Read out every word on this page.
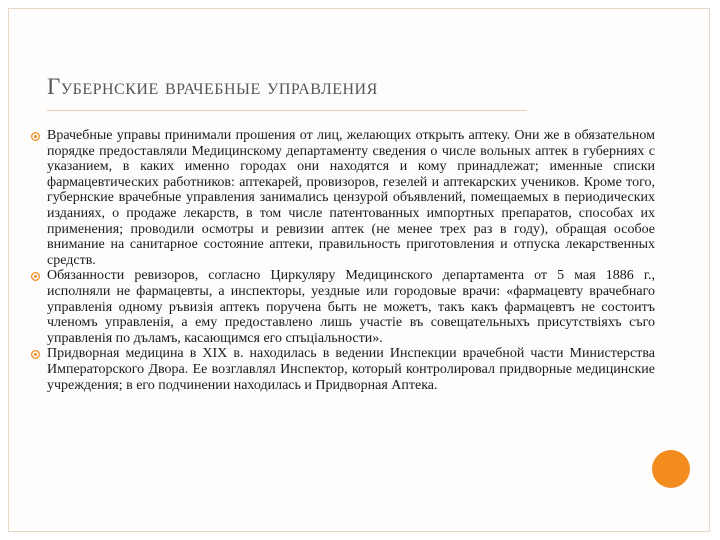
Губернские врачебные управления
Врачебные управы принимали прошения от лиц, желающих открыть аптеку. Они же в обязательном порядке предоставляли Медицинскому департаменту сведения о числе вольных аптек в губерниях с указанием, в каких именно городах они находятся и кому принадлежат; именные списки фармацевтических работников: аптекарей, провизоров, гезелей и аптекарских учеников. Кроме того, губернские врачебные управления занимались цензурой объявлений, помещаемых в периодических изданиях, о продаже лекарств, в том числе патентованных импортных препаратов, способах их применения; проводили осмотры и ревизии аптек (не менее трех раз в году), обращая особое внимание на санитарное состояние аптеки, правильность приготовления и отпуска лекарственных средств.
Обязанности ревизоров, согласно Циркуляру Медицинского департамента от 5 мая 1886 г., исполняли не фармацевты, а инспекторы, уездные или городовые врачи: «фармацевту врачебнаго управленія одному ръвизія аптекъ поручена быть не можетъ, такъ какъ фармацевтъ не состоитъ членомъ управленія, а ему предоставлено лишь участіе въ совещательныхъ присутствіяхъ съго управленія по дъламъ, касающимся его спъціальности».
Придворная медицина в XIX в. находилась в ведении Инспекции врачебной части Министерства Императорского Двора. Ее возглавлял Инспектор, который контролировал придворные медицинские учреждения; в его подчинении находилась и Придворная Аптека.
